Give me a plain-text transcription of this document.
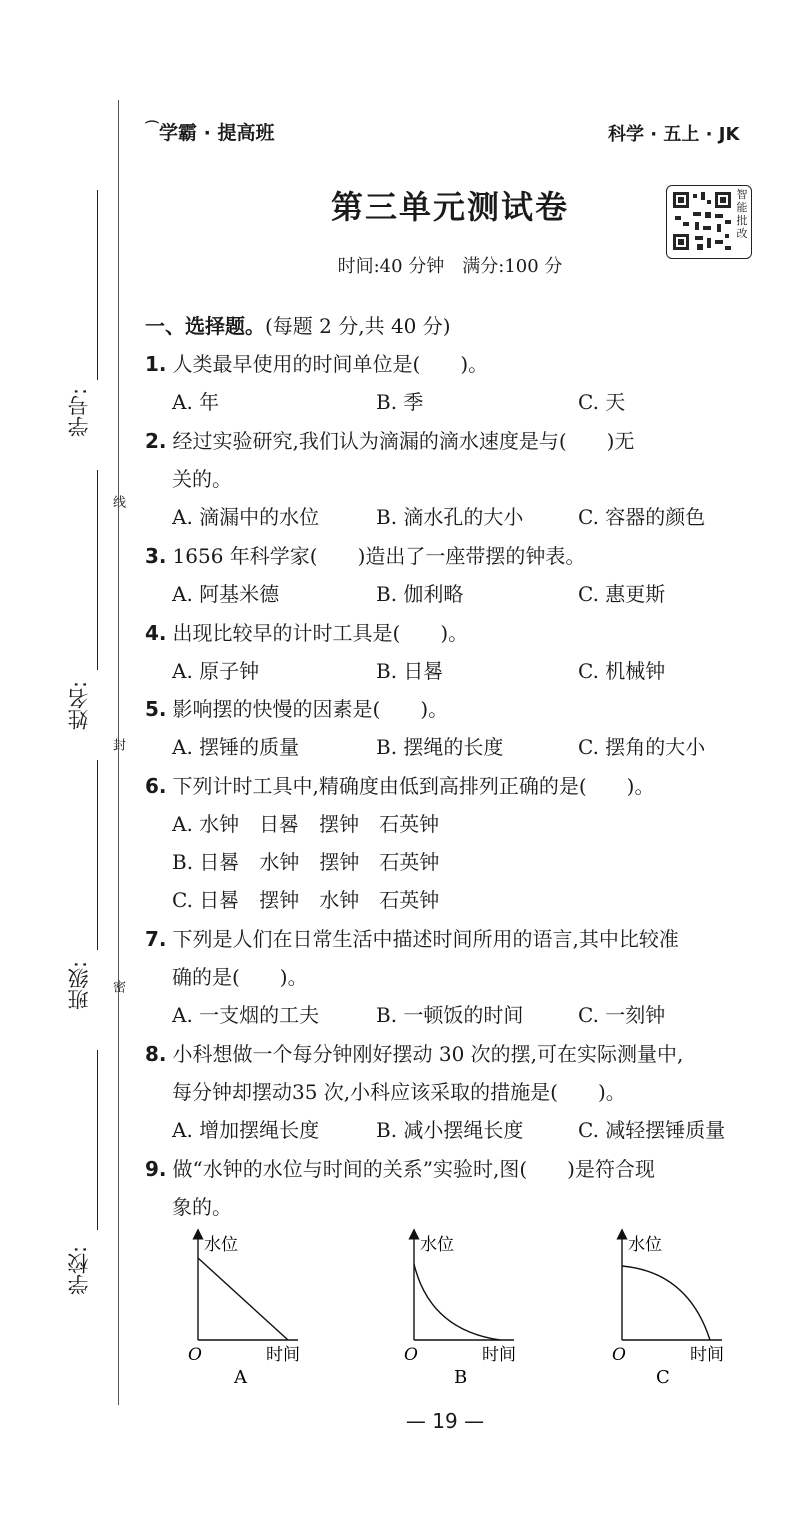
学号:
姓名:
班级:
学校:
线
封
密
⌒学霸 · 提高班	科学 · 五上 · JK
第三单元测试卷
时间:40 分钟　满分:100 分
智能批改
一、选择题。(每题 2 分,共 40 分)
1. 人类最早使用的时间单位是(　　)。
A. 年	B. 季	C. 天
2. 经过实验研究,我们认为滴漏的滴水速度是与(　　)无
关的。
A. 滴漏中的水位	B. 滴水孔的大小	C. 容器的颜色
3. 1656 年科学家(　　)造出了一座带摆的钟表。
A. 阿基米德	B. 伽利略	C. 惠更斯
4. 出现比较早的计时工具是(　　)。
A. 原子钟	B. 日晷	C. 机械钟
5. 影响摆的快慢的因素是(　　)。
A. 摆锤的质量	B. 摆绳的长度	C. 摆角的大小
6. 下列计时工具中,精确度由低到高排列正确的是(　　)。
A. 水钟　日晷　摆钟　石英钟
B. 日晷　水钟　摆钟　石英钟
C. 日晷　摆钟　水钟　石英钟
7. 下列是人们在日常生活中描述时间所用的语言,其中比较准
确的是(　　)。
A. 一支烟的工夫	B. 一顿饭的时间	C. 一刻钟
8. 小科想做一个每分钟刚好摆动 30 次的摆,可在实际测量中,
每分钟却摆动35 次,小科应该采取的措施是(　　)。
A. 增加摆绳长度	B. 减小摆绳长度	C. 减轻摆锤质量
9. 做“水钟的水位与时间的关系”实验时,图(　　)是符合现
象的。
水位
O	时间
A
水位
O	时间
B
水位
O	时间
C
— 19 —
